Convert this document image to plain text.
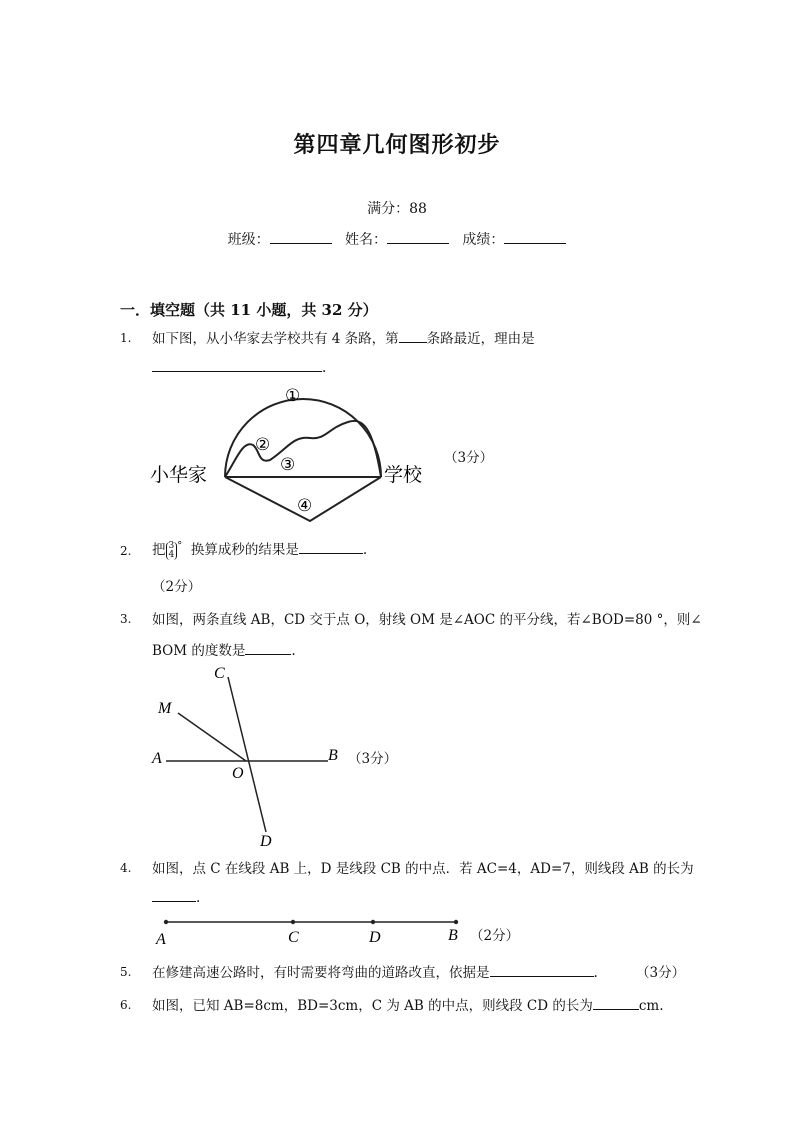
第四章几何图形初步
满分：88
班级：	姓名：	成绩：
一．填空题（共 11 小题，共 32 分）
1. 如下图，从小华家去学校共有 4 条路，第 条路最近，理由是
.
①
②
③
④
小华家	学校
（3分）
2. 把 3
4° 换算成秒的结果是	.
（2分）
3. 如图，两条直线 AB，CD 交于点 O，射线 OM 是∠AOC 的平分线，若∠BOD=80 °，则∠
BOM 的度数是	.
C
M
A
O
B
D
（3分）
4. 如图，点 C 在线段 AB 上，D 是线段 CB 的中点．若 AC=4，AD=7，则线段 AB 的长为
.
A	C	D	B （2分）
5. 在修建高速公路时，有时需要将弯曲的道路改直，依据是	.	（3分）
6. 如图，已知 AB=8cm，BD=3cm，C 为 AB 的中点，则线段 CD 的长为	cm.
